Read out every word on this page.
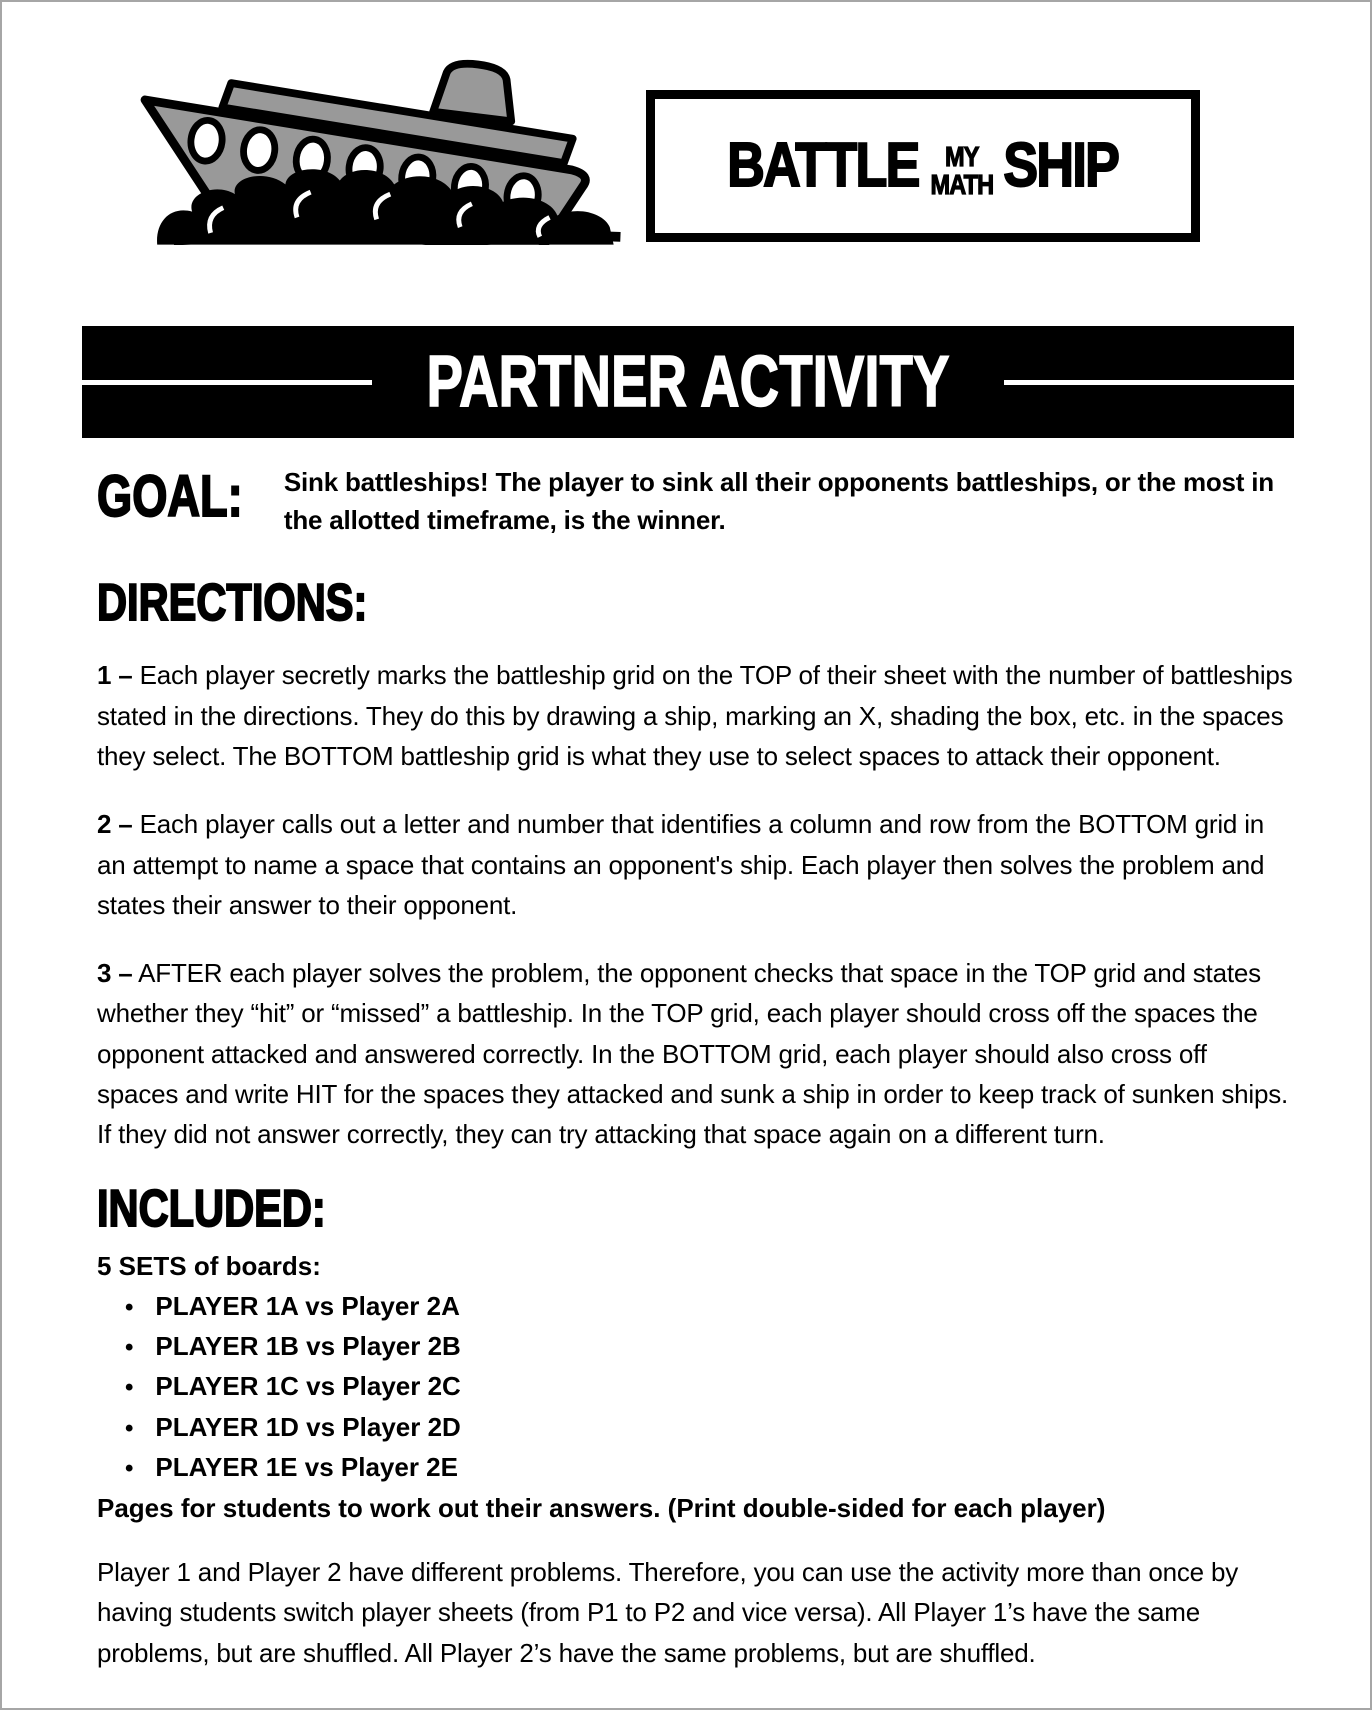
BATTLE MY
MATH SHIP
PARTNER ACTIVITY
GOAL: Sink battleships! The player to sink all their opponents battleships, or the most in the allotted timeframe, is the winner.
DIRECTIONS:

1 – Each player secretly marks the battleship grid on the TOP of their sheet with the number of battleships stated in the directions. They do this by drawing a ship, marking an X, shading the box, etc. in the spaces they select. The BOTTOM battleship grid is what they use to select spaces to attack their opponent.

2 – Each player calls out a letter and number that identifies a column and row from the BOTTOM grid in an attempt to name a space that contains an opponent's ship. Each player then solves the problem and states their answer to their opponent.

3 – AFTER each player solves the problem, the opponent checks that space in the TOP grid and states whether they “hit” or “missed” a battleship. In the TOP grid, each player should cross off the spaces the opponent attacked and answered correctly. In the BOTTOM grid, each player should also cross off spaces and write HIT for the spaces they attacked and sunk a ship in order to keep track of sunken ships. If they did not answer correctly, they can try attacking that space again on a different turn.

INCLUDED:
5 SETS of boards:
• PLAYER 1A vs Player 2A
• PLAYER 1B vs Player 2B
• PLAYER 1C vs Player 2C
• PLAYER 1D vs Player 2D
• PLAYER 1E vs Player 2E
Pages for students to work out their answers. (Print double-sided for each player)

Player 1 and Player 2 have different problems. Therefore, you can use the activity more than once by having students switch player sheets (from P1 to P2 and vice versa). All Player 1’s have the same problems, but are shuffled. All Player 2’s have the same problems, but are shuffled.
